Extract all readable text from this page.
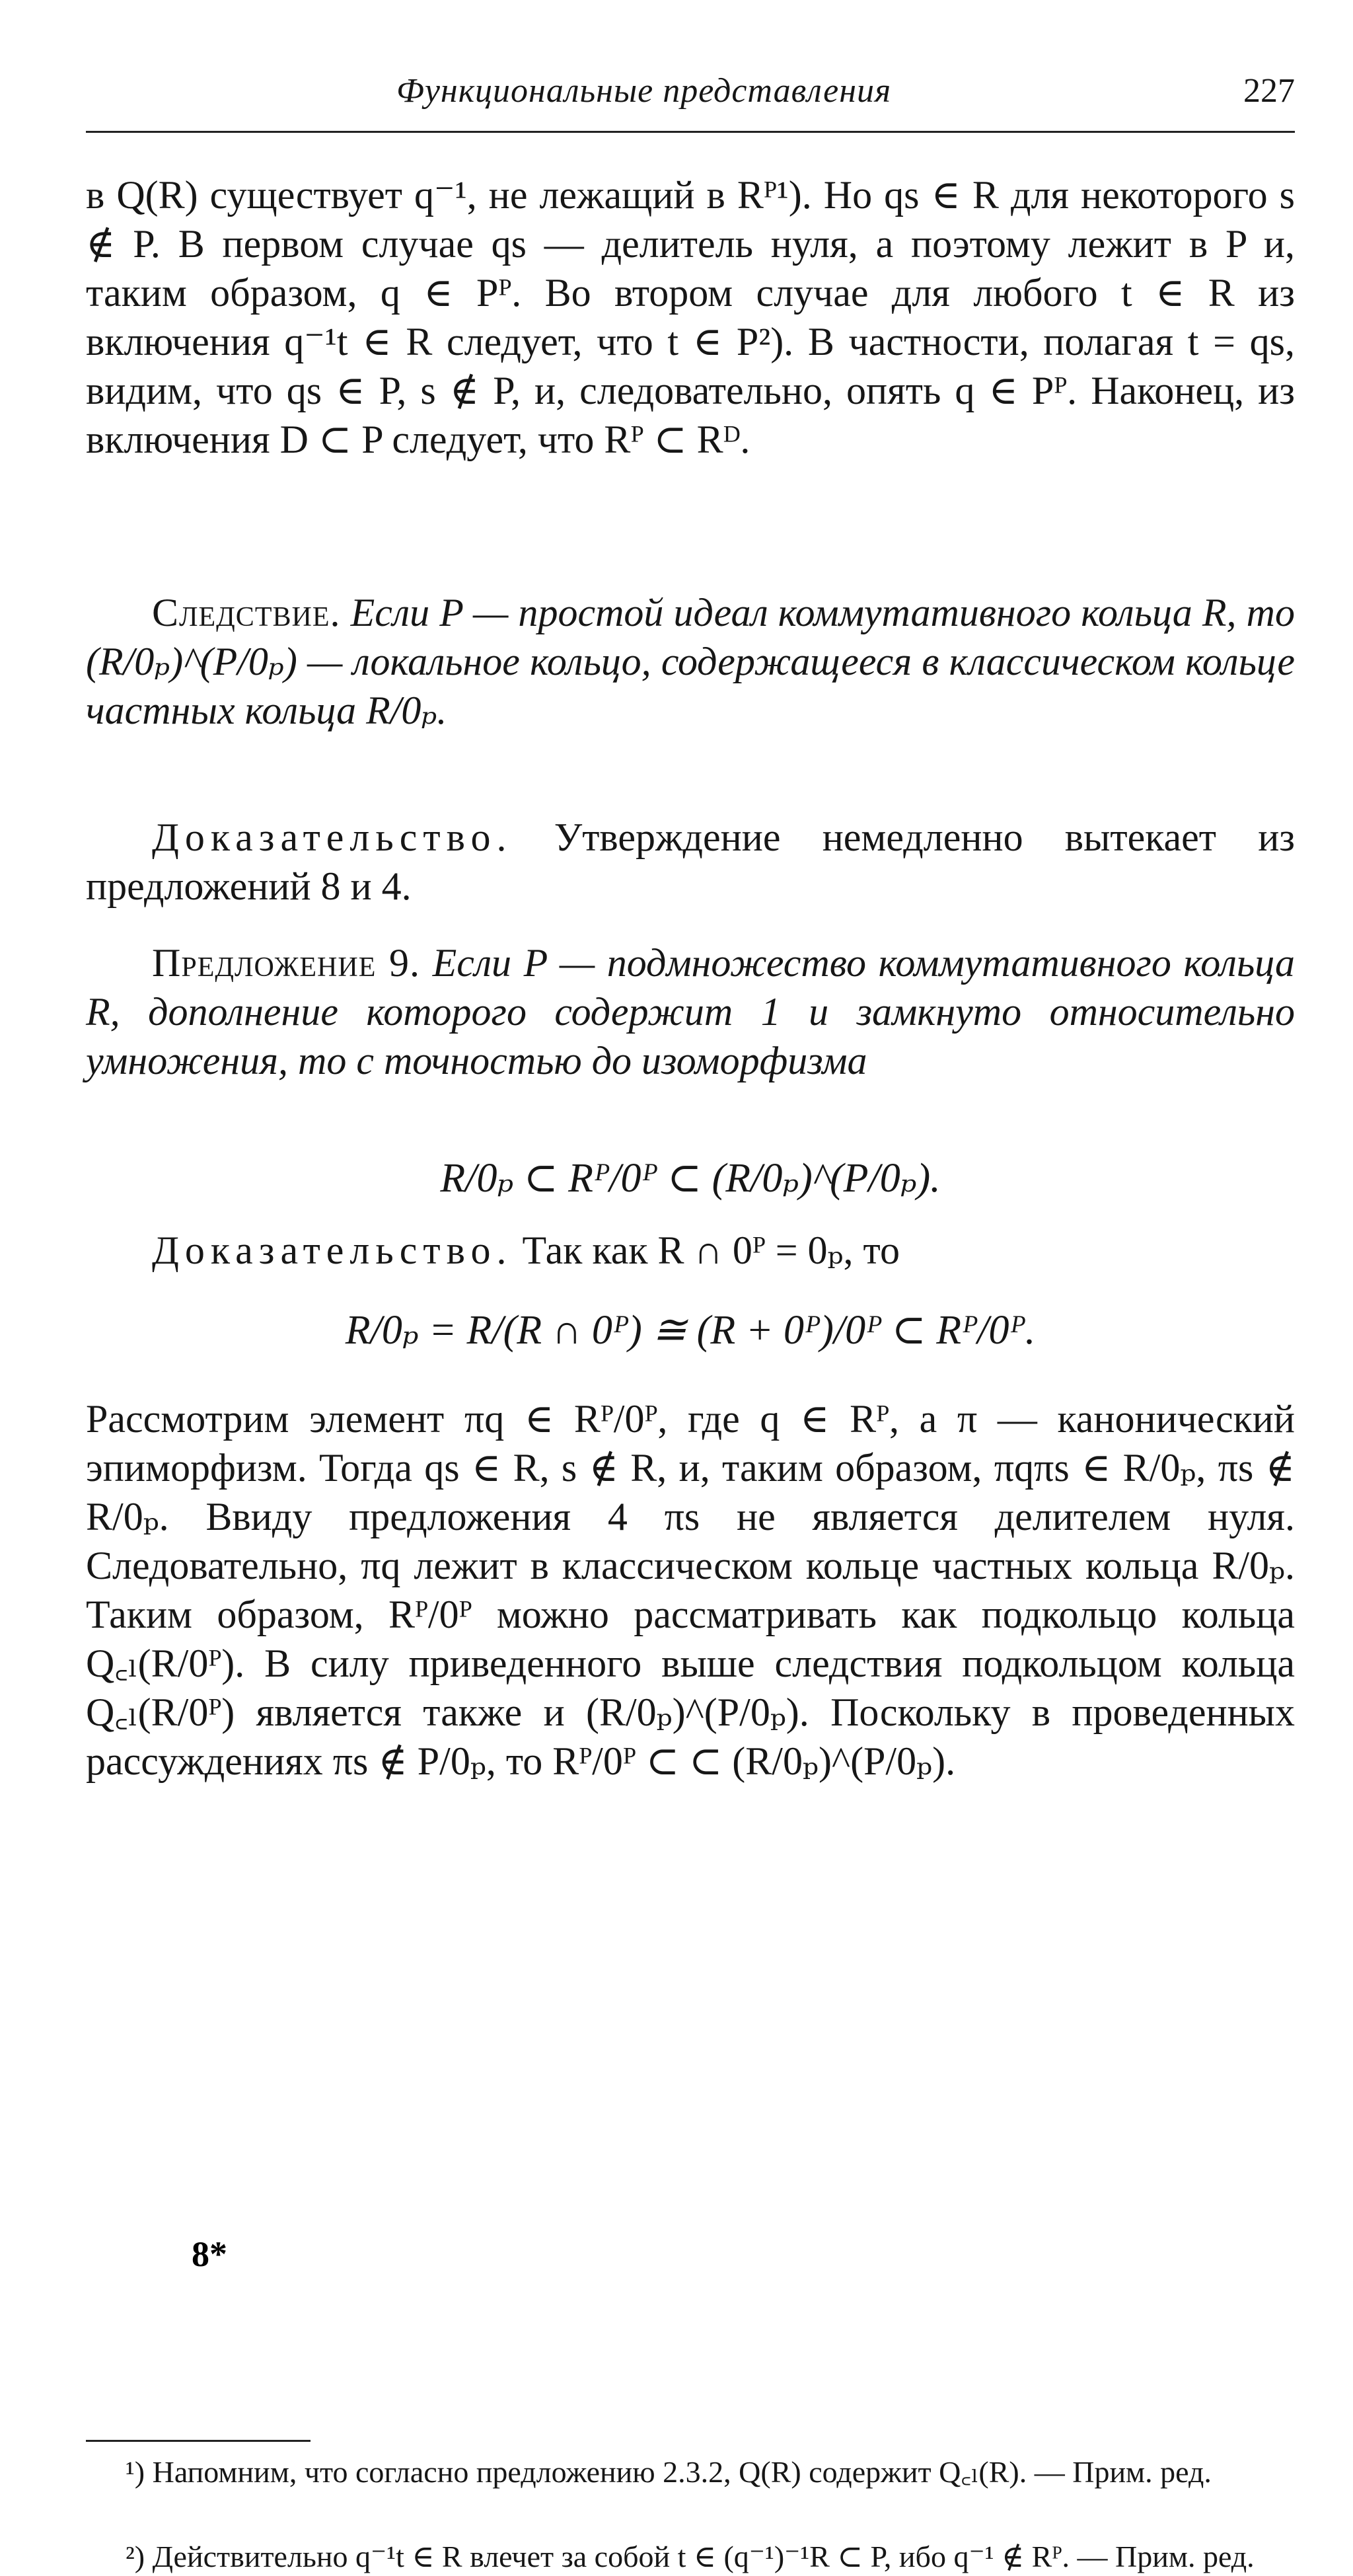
Функциональные представления	227

в Q(R) существует q⁻¹, не лежащий в Rᴾ¹). Но qs ∈ R для некоторого s ∉ P. В первом случае qs — делитель нуля, а поэтому лежит в P и, таким образом, q ∈ Pᴾ. Во втором случае для любого t ∈ R из включения q⁻¹t ∈ R следует, что t ∈ P²). В частности, полагая t = qs, видим, что qs ∈ P, s ∉ P, и, следовательно, опять q ∈ Pᴾ. Наконец, из включения D ⊂ P следует, что Rᴾ ⊂ Rᴰ.

Следствие. Если P — простой идеал коммутативного кольца R, то (R/0ₚ)^(P/0ₚ) — локальное кольцо, содержащееся в классическом кольце частных кольца R/0ₚ.

Доказательство. Утверждение немедленно вытекает из предложений 8 и 4.

Предложение 9. Если P — подмножество коммутативного кольца R, дополнение которого содержит 1 и замкнуто относительно умножения, то с точностью до изоморфизма

R/0ₚ ⊂ Rᴾ/0ᴾ ⊂ (R/0ₚ)^(P/0ₚ).

Доказательство. Так как R ∩ 0ᴾ = 0ₚ, то

R/0ₚ = R/(R ∩ 0ᴾ) ≅ (R + 0ᴾ)/0ᴾ ⊂ Rᴾ/0ᴾ.

Рассмотрим элемент πq ∈ Rᴾ/0ᴾ, где q ∈ Rᴾ, а π — канонический эпиморфизм. Тогда qs ∈ R, s ∉ R, и, таким образом, πqπs ∈ R/0ₚ, πs ∉ R/0ₚ. Ввиду предложения 4 πs не является делителем нуля. Следовательно, πq лежит в классическом кольце частных кольца R/0ₚ. Таким образом, Rᴾ/0ᴾ можно рассматривать как подкольцо кольца Q꜀ₗ(R/0ᴾ). В силу приведенного выше следствия подкольцом кольца Q꜀ₗ(R/0ᴾ) является также и (R/0ₚ)^(P/0ₚ). Поскольку в проведенных рассуждениях πs ∉ P/0ₚ, то Rᴾ/0ᴾ ⊂ ⊂ (R/0ₚ)^(P/0ₚ).

¹) Напомним, что согласно предложению 2.3.2, Q(R) содержит Q꜀ₗ(R). — Прим. ред.

²) Действительно q⁻¹t ∈ R влечет за собой t ∈ (q⁻¹)⁻¹R ⊂ P, ибо q⁻¹ ∉ Rᴾ. — Прим. ред.

8*
